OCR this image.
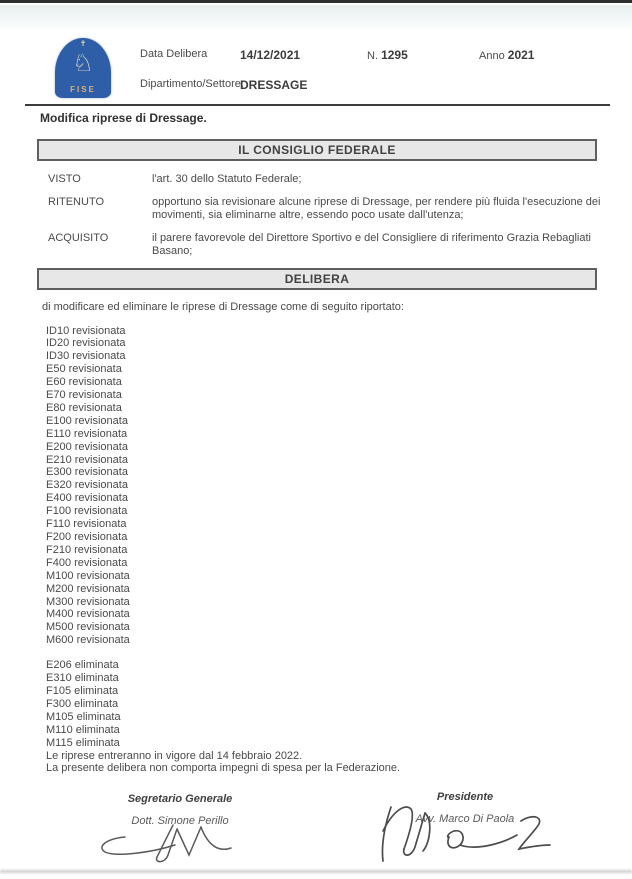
✝
♘
FISE
Data Delibera	14/12/2021	N. 1295	Anno 2021
Dipartimento/Settore:
DRESSAGE
Modifica riprese di Dressage.
IL CONSIGLIO FEDERALE
VISTO	l'art. 30 dello Statuto Federale;
RITENUTO	opportuno sia revisionare alcune riprese di Dressage, per rendere più fluida l'esecuzione dei movimenti, sia eliminarne altre, essendo poco usate dall'utenza;
ACQUISITO	il parere favorevole del Direttore Sportivo e del Consigliere di riferimento Grazia Rebagliati Basano;
DELIBERA
di modificare ed eliminare le riprese di Dressage come di seguito riportato:
ID10 revisionata
ID20 revisionata
ID30 revisionata
E50 revisionata
E60 revisionata
E70 revisionata
E80 revisionata
E100 revisionata
E110 revisionata
E200 revisionata
E210 revisionata
E300 revisionata
E320 revisionata
E400 revisionata
F100 revisionata
F110 revisionata
F200 revisionata
F210 revisionata
F400 revisionata
M100 revisionata
M200 revisionata
M300 revisionata
M400 revisionata
M500 revisionata
M600 revisionata
E206 eliminata
E310 eliminata
F105 eliminata
F300 eliminata
M105 eliminata
M110 eliminata
M115 eliminata
Le riprese entreranno in vigore dal 14 febbraio 2022.
La presente delibera non comporta impegni di spesa per la Federazione.
Segretario Generale
Dott. Simone Perillo
Presidente
Avv. Marco Di Paola
